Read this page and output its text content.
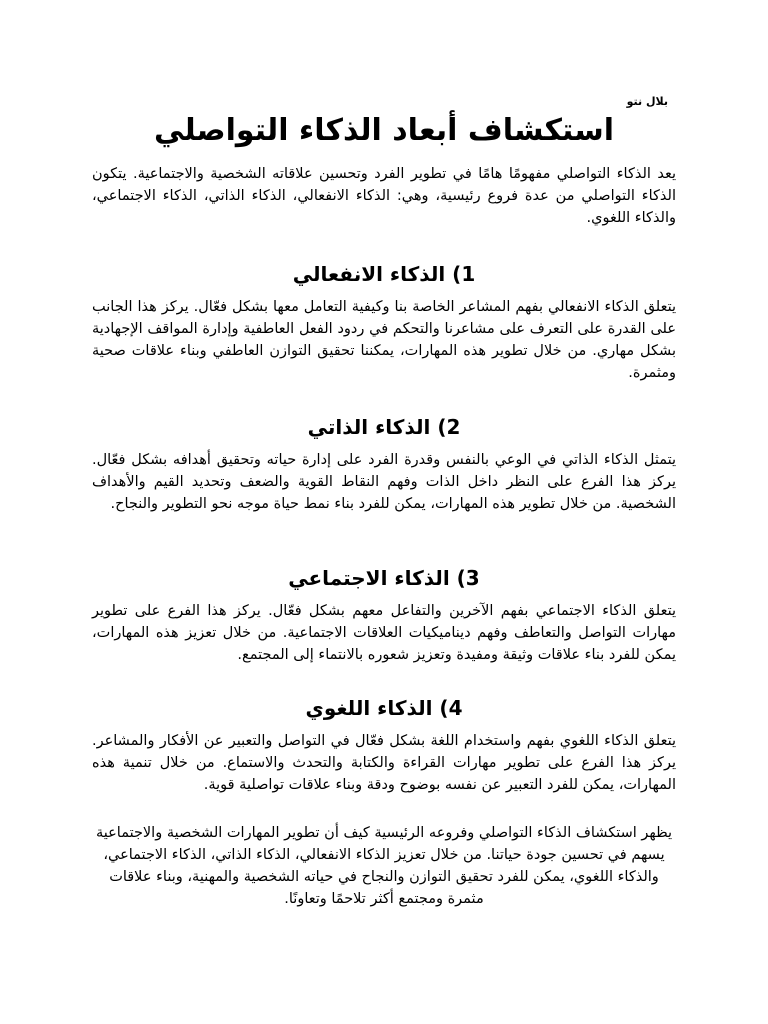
بلال نتو
استكشاف أبعاد الذكاء التواصلي

يعد الذكاء التواصلي مفهومًا هامًا في تطوير الفرد وتحسين علاقاته الشخصية والاجتماعية. يتكون الذكاء التواصلي من عدة فروع رئيسية، وهي: الذكاء الانفعالي، الذكاء الذاتي، الذكاء الاجتماعي، والذكاء اللغوي.

1) الذكاء الانفعالي

يتعلق الذكاء الانفعالي بفهم المشاعر الخاصة بنا وكيفية التعامل معها بشكل فعّال. يركز هذا الجانب على القدرة على التعرف على مشاعرنا والتحكم في ردود الفعل العاطفية وإدارة المواقف الإجهادية بشكل مهاري. من خلال تطوير هذه المهارات، يمكننا تحقيق التوازن العاطفي وبناء علاقات صحية ومثمرة.

2) الذكاء الذاتي

يتمثل الذكاء الذاتي في الوعي بالنفس وقدرة الفرد على إدارة حياته وتحقيق أهدافه بشكل فعّال. يركز هذا الفرع على النظر داخل الذات وفهم النقاط القوية والضعف وتحديد القيم والأهداف الشخصية. من خلال تطوير هذه المهارات، يمكن للفرد بناء نمط حياة موجه نحو التطوير والنجاح.

3) الذكاء الاجتماعي

يتعلق الذكاء الاجتماعي بفهم الآخرين والتفاعل معهم بشكل فعّال. يركز هذا الفرع على تطوير مهارات التواصل والتعاطف وفهم ديناميكيات العلاقات الاجتماعية. من خلال تعزيز هذه المهارات، يمكن للفرد بناء علاقات وثيقة ومفيدة وتعزيز شعوره بالانتماء إلى المجتمع.

4) الذكاء اللغوي

يتعلق الذكاء اللغوي بفهم واستخدام اللغة بشكل فعّال في التواصل والتعبير عن الأفكار والمشاعر. يركز هذا الفرع على تطوير مهارات القراءة والكتابة والتحدث والاستماع. من خلال تنمية هذه المهارات، يمكن للفرد التعبير عن نفسه بوضوح ودقة وبناء علاقات تواصلية قوية.

يظهر استكشاف الذكاء التواصلي وفروعه الرئيسية كيف أن تطوير المهارات الشخصية والاجتماعية يسهم في تحسين جودة حياتنا. من خلال تعزيز الذكاء الانفعالي، الذكاء الذاتي، الذكاء الاجتماعي، والذكاء اللغوي، يمكن للفرد تحقيق التوازن والنجاح في حياته الشخصية والمهنية، وبناء علاقات مثمرة ومجتمع أكثر تلاحمًا وتعاونًا.
